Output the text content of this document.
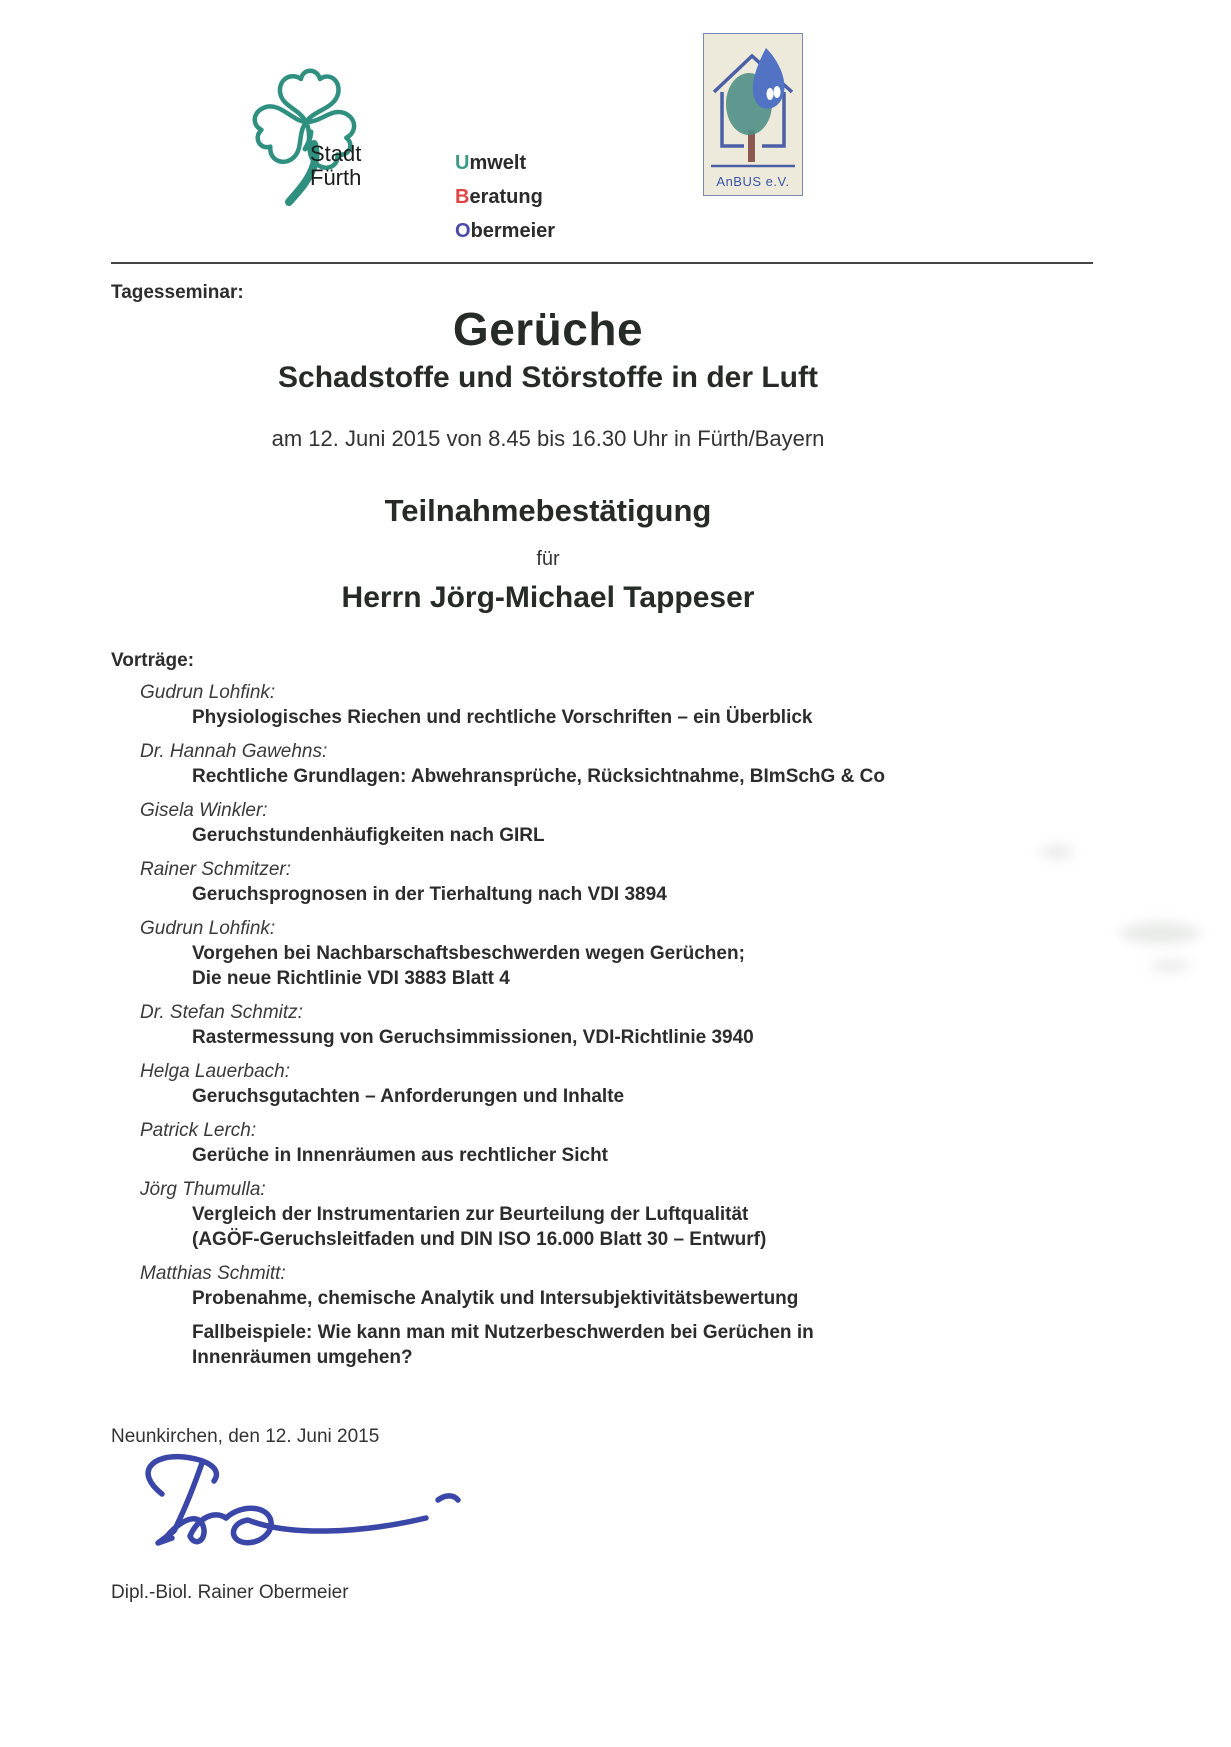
Stadt
Fürth	AnBUS e.V.
Umwelt
Beratung
Obermeier
Tagesseminar:
Gerüche
Schadstoffe und Störstoffe in der Luft
am 12. Juni 2015 von 8.45 bis 16.30 Uhr in Fürth/Bayern
Teilnahmebestätigung
für
Herrn Jörg-Michael Tappeser
Vorträge:
Gudrun Lohfink:
Physiologisches Riechen und rechtliche Vorschriften – ein Überblick
Dr. Hannah Gawehns:
Rechtliche Grundlagen: Abwehransprüche, Rücksichtnahme, BImSchG & Co
Gisela Winkler:
Geruchstundenhäufigkeiten nach GIRL
Rainer Schmitzer:
Geruchsprognosen in der Tierhaltung nach VDI 3894
Gudrun Lohfink:
Vorgehen bei Nachbarschaftsbeschwerden wegen Gerüchen;
Die neue Richtlinie VDI 3883 Blatt 4
Dr. Stefan Schmitz:
Rastermessung von Geruchsimmissionen, VDI-Richtlinie 3940
Helga Lauerbach:
Geruchsgutachten – Anforderungen und Inhalte
Patrick Lerch:
Gerüche in Innenräumen aus rechtlicher Sicht
Jörg Thumulla:
Vergleich der Instrumentarien zur Beurteilung der Luftqualität
(AGÖF-Geruchsleitfaden und DIN ISO 16.000 Blatt 30 – Entwurf)
Matthias Schmitt:
Probenahme, chemische Analytik und Intersubjektivitätsbewertung
Fallbeispiele: Wie kann man mit Nutzerbeschwerden bei Gerüchen in
Innenräumen umgehen?
Neunkirchen, den 12. Juni 2015
Dipl.-Biol. Rainer Obermeier
